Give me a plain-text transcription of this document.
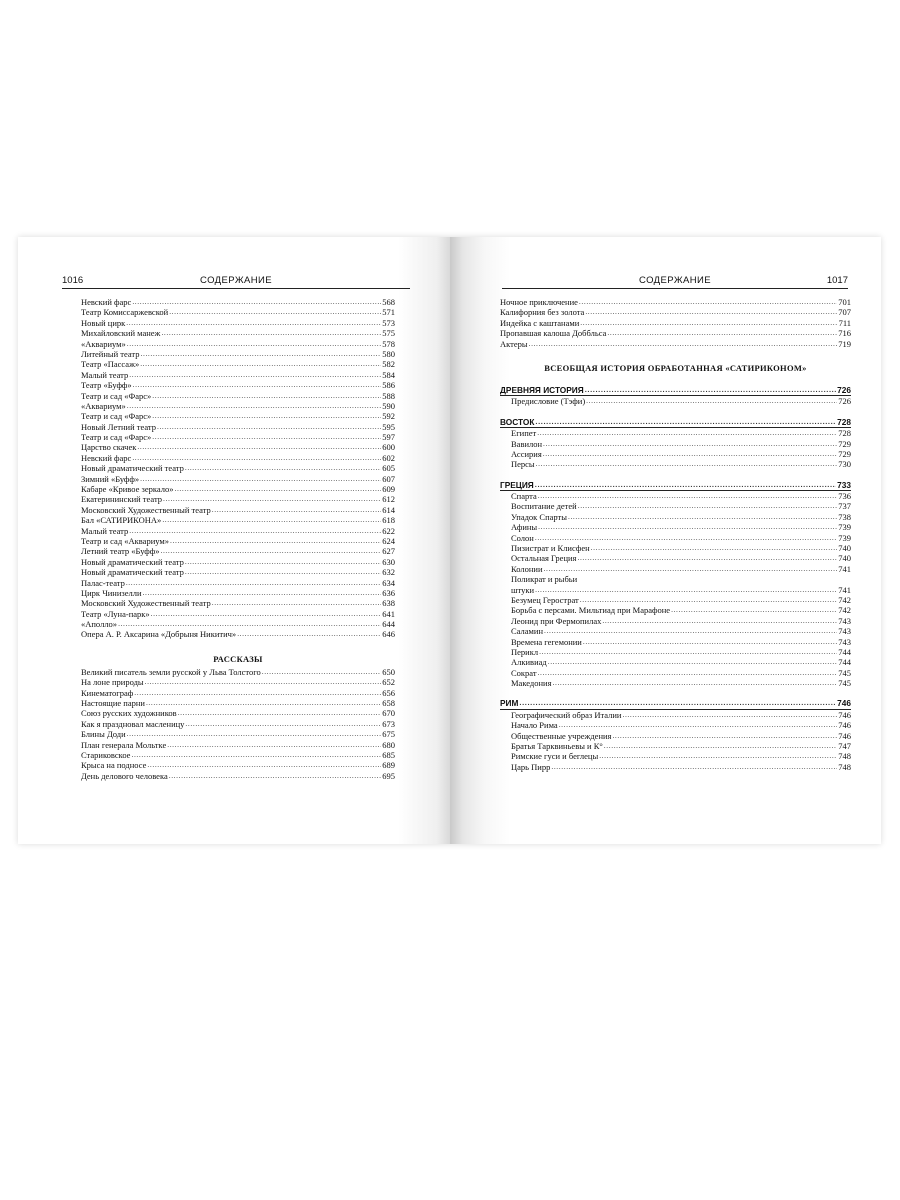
1016	СОДЕРЖАНИЕ
Невский фарс .....	568
Театр Комиссаржевской .....	571
Новый цирк .....	573
Михайловский манеж .....	575
«Аквариум» .....	578
Литейный театр .....	580
Театр «Пассаж» .....	582
Малый театр .....	584
Театр «Буфф» .....	586
Театр и сад «Фарс» .....	588
«Аквариум» .....	590
Театр и сад «Фарс» .....	592
Новый Летний театр .....	595
Театр и сад «Фарс» .....	597
Царство скачек .....	600
Невский фарс .....	602
Новый драматический театр .....	605
Зимний «Буфф» .....	607
Кабаре «Кривое зеркало» .....	609
Екатерининский театр .....	612
Московский Художественный театр .....	614
Бал «САТИРИКОНА» .....	618
Малый театр .....	622
Театр и сад «Аквариум» .....	624
Летний театр «Буфф» .....	627
Новый драматический театр .....	630
Новый драматический театр .....	632
Палас-театр .....	634
Цирк Чинизелли .....	636
Московский Художественный театр .....	638
Театр «Луна-парк» .....	641
«Аполло» .....	644
Опера А. Р. Аксарина «Добрыня Никитич» .....	646
РАССКАЗЫ
Великий писатель земли русской у Льва Толстого .....	650
На лоне природы .....	652
Кинематограф .....	656
Настоящие парни .....	658
Союз русских художников .....	670
Как я праздновал масленицу .....	673
Блины Доди .....	675
План генерала Мольтке .....	680
Стариковское .....	685
Крыса на подносе .....	689
День делового человека .....	695
СОДЕРЖАНИЕ	1017
Ночное приключение .....	701
Калифорния без золота .....	707
Индейка с каштанами .....	711
Пропавшая калоша Доббльса .....	716
Актеры .....	719
ВСЕОБЩАЯ ИСТОРИЯ ОБРАБОТАННАЯ «САТИРИКОНОМ»
ДРЕВНЯЯ ИСТОРИЯ .....	726
Предисловие (Тэфи) .....	726
ВОСТОК .....	728
Египет .....	728
Вавилон .....	729
Ассирия .....	729
Персы .....	730
ГРЕЦИЯ .....	733
Спарта .....	736
Воспитание детей .....	737
Упадок Спарты .....	738
Афины .....	739
Солон .....	739
Пизистрат и Клисфен .....	740
Остальная Греция .....	740
Колонии .....	741
Поликрат и рыбьи
штуки .....	741
Безумец Герострат .....	742
Борьба с персами. Мильтиад при Марафоне .....	742
Леонид при Фермопилах .....	743
Саламин .....	743
Времена гегемонии .....	743
Перикл .....	744
Алкивиад .....	744
Сократ .....	745
Македония .....	745
РИМ .....	746
Географический образ Италии .....	746
Начало Рима .....	746
Общественные учреждения .....	746
Братья Тарквиньевы и К° .....	747
Римские гуси и беглецы .....	748
Царь Пирр .....	748
